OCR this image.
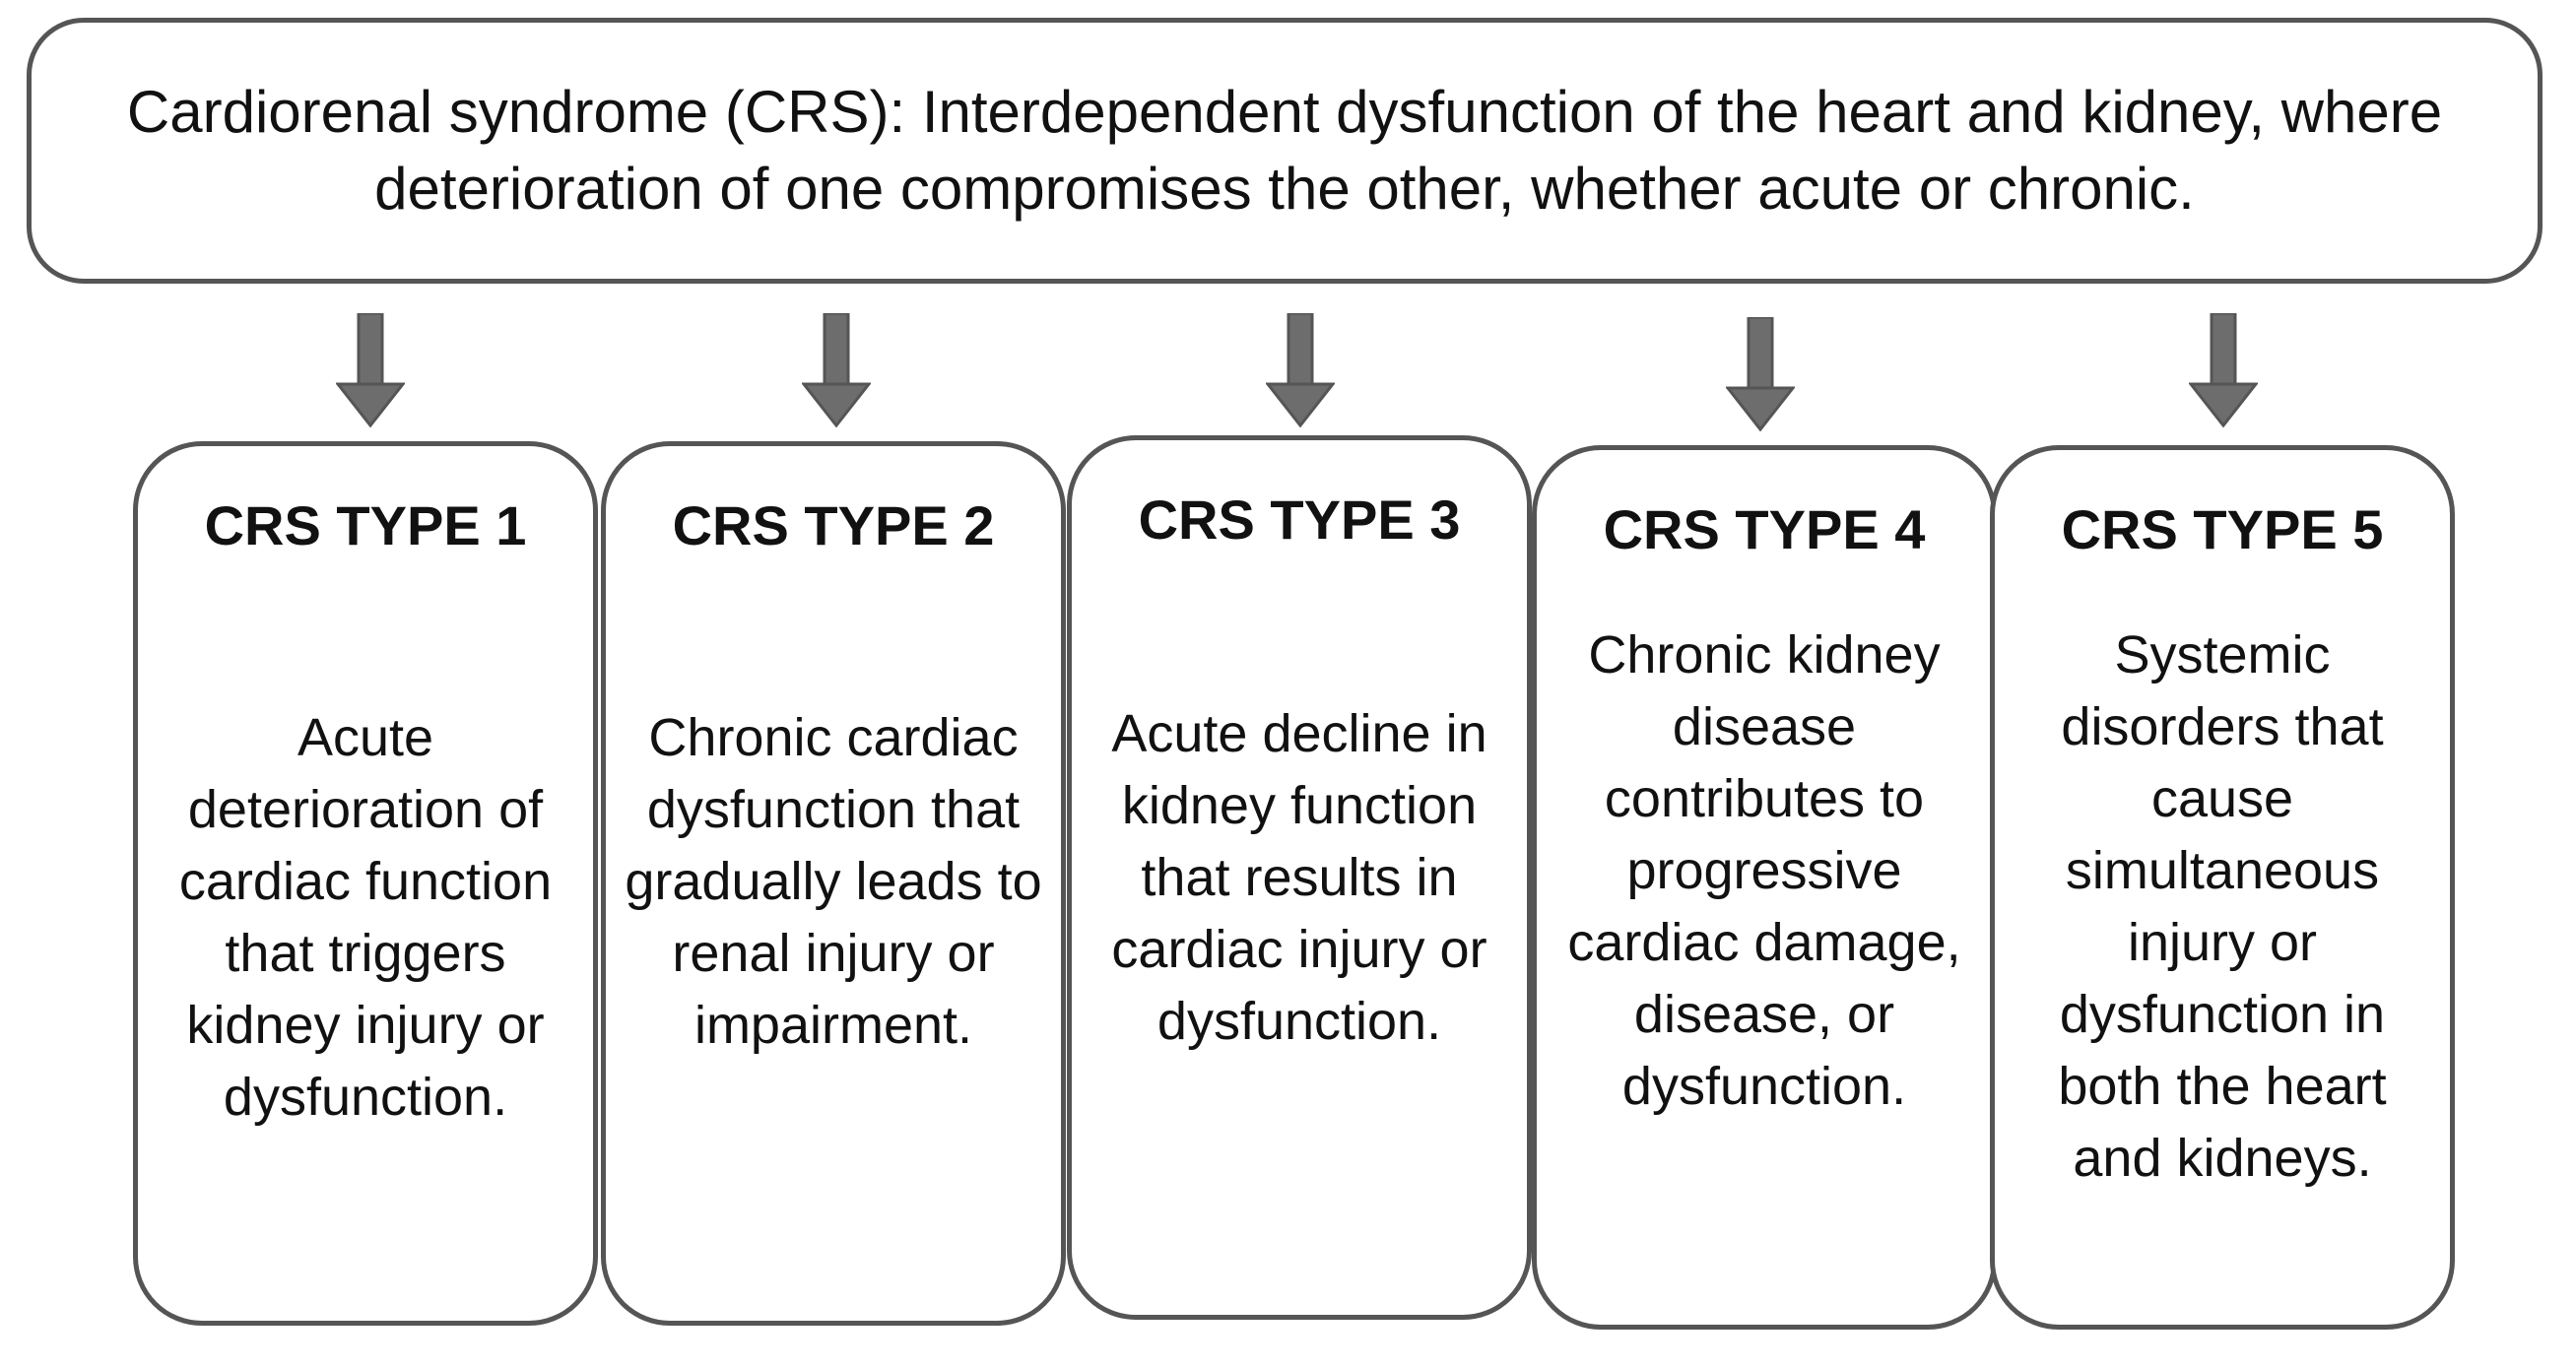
Cardiorenal syndrome (CRS): Interdependent dysfunction of the heart and kidney, where deterioration of one compromises the other, whether acute or chronic.
CRS TYPE 1
Acute deterioration of cardiac function that triggers kidney injury or dysfunction.
CRS TYPE 2
Chronic cardiac dysfunction that gradually leads to renal injury or impairment.
CRS TYPE 3
Acute decline in kidney function that results in cardiac injury or dysfunction.
CRS TYPE 4
Chronic kidney disease contributes to progressive cardiac damage, disease, or dysfunction.
CRS TYPE 5
Systemic disorders that cause simultaneous injury or dysfunction in both the heart and kidneys.
